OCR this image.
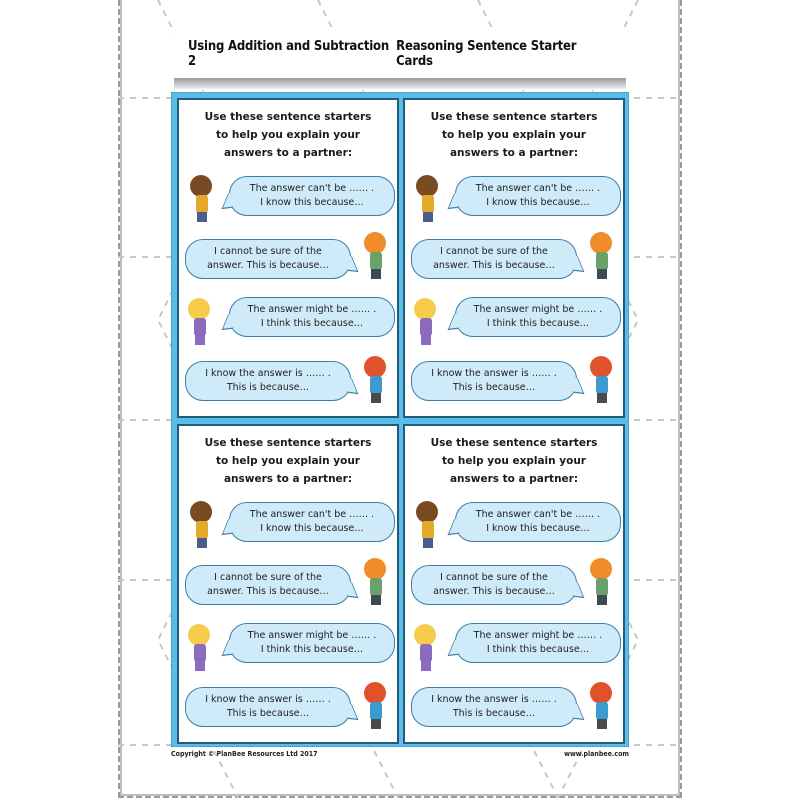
Using Addition and Subtraction 2
Reasoning Sentence Starter Cards
Use these sentence starters to help you explain your answers to a partner:
The answer can't be …… .
I know this because…
I cannot be sure of the
answer. This is because…
The answer might be …… .
I think this because…
I know the answer is …… .
This is because…
Use these sentence starters to help you explain your answers to a partner:
The answer can't be …… .
I know this because…
I cannot be sure of the
answer. This is because…
The answer might be …… .
I think this because…
I know the answer is …… .
This is because…
Use these sentence starters to help you explain your answers to a partner:
The answer can't be …… .
I know this because…
I cannot be sure of the
answer. This is because…
The answer might be …… .
I think this because…
I know the answer is …… .
This is because…
Use these sentence starters to help you explain your answers to a partner:
The answer can't be …… .
I know this because…
I cannot be sure of the
answer. This is because…
The answer might be …… .
I think this because…
I know the answer is …… .
This is because…
Copyright © PlanBee Resources Ltd 2017	www.planbee.com
